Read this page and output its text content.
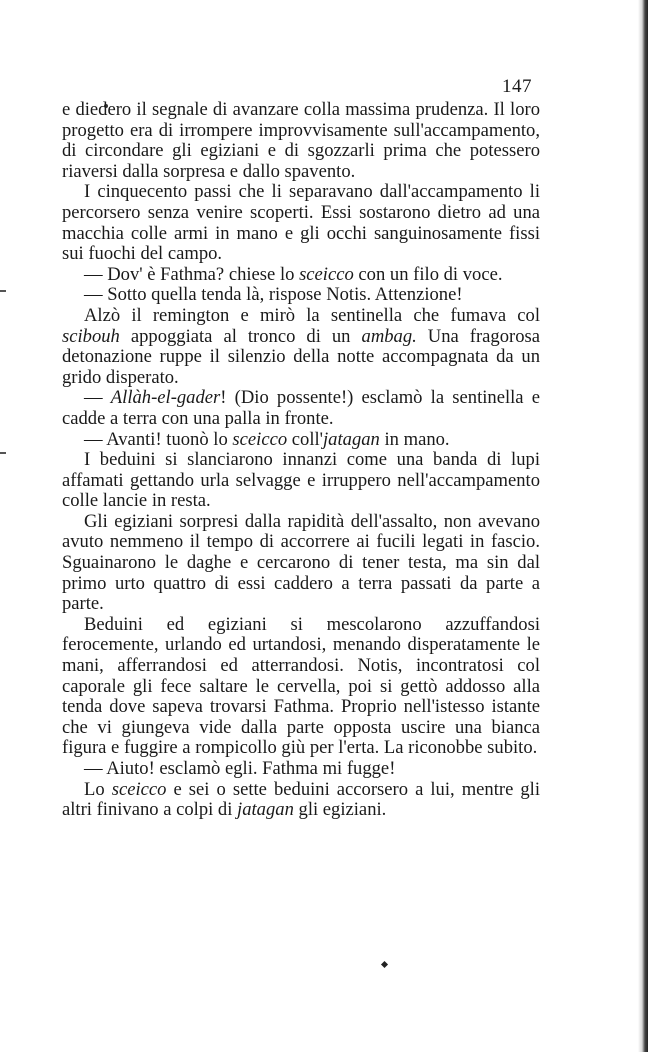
147

e diedero il segnale di avanzare colla massima prudenza. Il loro progetto era di irrompere improvvisamente sull'accampamento, di circondare gli egiziani e di sgozzarli prima che potessero riaversi dalla sorpresa e dallo spavento.

I cinquecento passi che li separavano dall'accampamento li percorsero senza venire scoperti. Essi sostarono dietro ad una macchia colle armi in mano e gli occhi sanguinosamente fissi sui fuochi del campo.

— Dov' è Fathma? chiese lo sceicco con un filo di voce.

— Sotto quella tenda là, rispose Notis. Attenzione!

Alzò il remington e mirò la sentinella che fumava col scibouh appoggiata al tronco di un ambag. Una fragorosa detonazione ruppe il silenzio della notte accompagnata da un grido disperato.

— Allàh-el-gader! (Dio possente!) esclamò la sentinella e cadde a terra con una palla in fronte.

— Avanti! tuonò lo sceicco coll'jatagan in mano.

I beduini si slanciarono innanzi come una banda di lupi affamati gettando urla selvagge e irruppero nell'accampamento colle lancie in resta.

Gli egiziani sorpresi dalla rapidità dell'assalto, non avevano avuto nemmeno il tempo di accorrere ai fucili legati in fascio. Sguainarono le daghe e cercarono di tener testa, ma sin dal primo urto quattro di essi caddero a terra passati da parte a parte.

Beduini ed egiziani si mescolarono azzuffandosi ferocemente, urlando ed urtandosi, menando disperatamente le mani, afferrandosi ed atterrandosi. Notis, incontratosi col caporale gli fece saltare le cervella, poi si gettò addosso alla tenda dove sapeva trovarsi Fathma. Proprio nell'istesso istante che vi giungeva vide dalla parte opposta uscire una bianca figura e fuggire a rompicollo giù per l'erta. La riconobbe subito.

— Aiuto! esclamò egli. Fathma mi fugge!

Lo sceicco e sei o sette beduini accorsero a lui, mentre gli altri finivano a colpi di jatagan gli egiziani.
